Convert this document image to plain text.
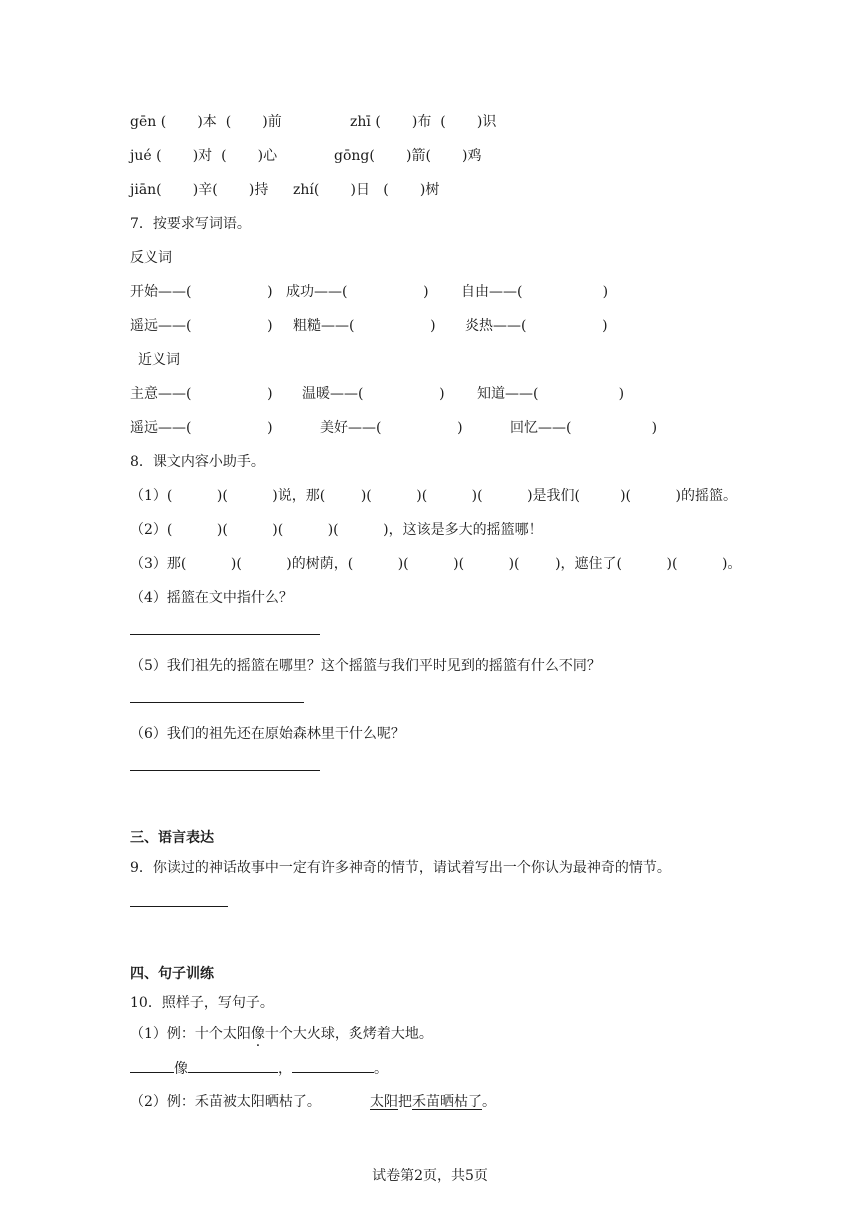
gēn (       )本  (       )前	zhī (       )布  (       )识
jué (       )对  (       )心	gōng(       )箭(       )鸡
jiān(       )辛(       )持 zhí(       )日   (       )树
7．按要求写词语。
反义词
开始——(                 ) 成功——(                 ) 自由——(                  )
遥远——(                 ) 粗糙——(                 ) 炎热——(                 )
近义词
主意——(                 ) 温暖——(                 ) 知道——(                  )
遥远——(                 )	美好——(                 )	回忆——(                  )
8．课文内容小助手。
（1）(          )(          )说，那(        )(          )(          )(          )是我们(         )(          )的摇篮。
（2）(          )(          )(          )(          )，这该是多大的摇篮哪！
（3）那(          )(          )的树荫，(          )(          )(          )(        )，遮住了(          )(          )。
（4）摇篮在文中指什么？
（5）我们祖先的摇篮在哪里？这个摇篮与我们平时见到的摇篮有什么不同？
（6）我们的祖先还在原始森林里干什么呢？
三、语言表达
9．你读过的神话故事中一定有许多神奇的情节，请试着写出一个你认为最神奇的情节。
四、句子训练
10．照样子，写句子。
（1）例：十个太阳像十个大火球，炙烤着大地。
像	，	。
（2）例：禾苗被太阳晒枯了。	太阳把禾苗晒枯了。
试卷第2页，共5页
